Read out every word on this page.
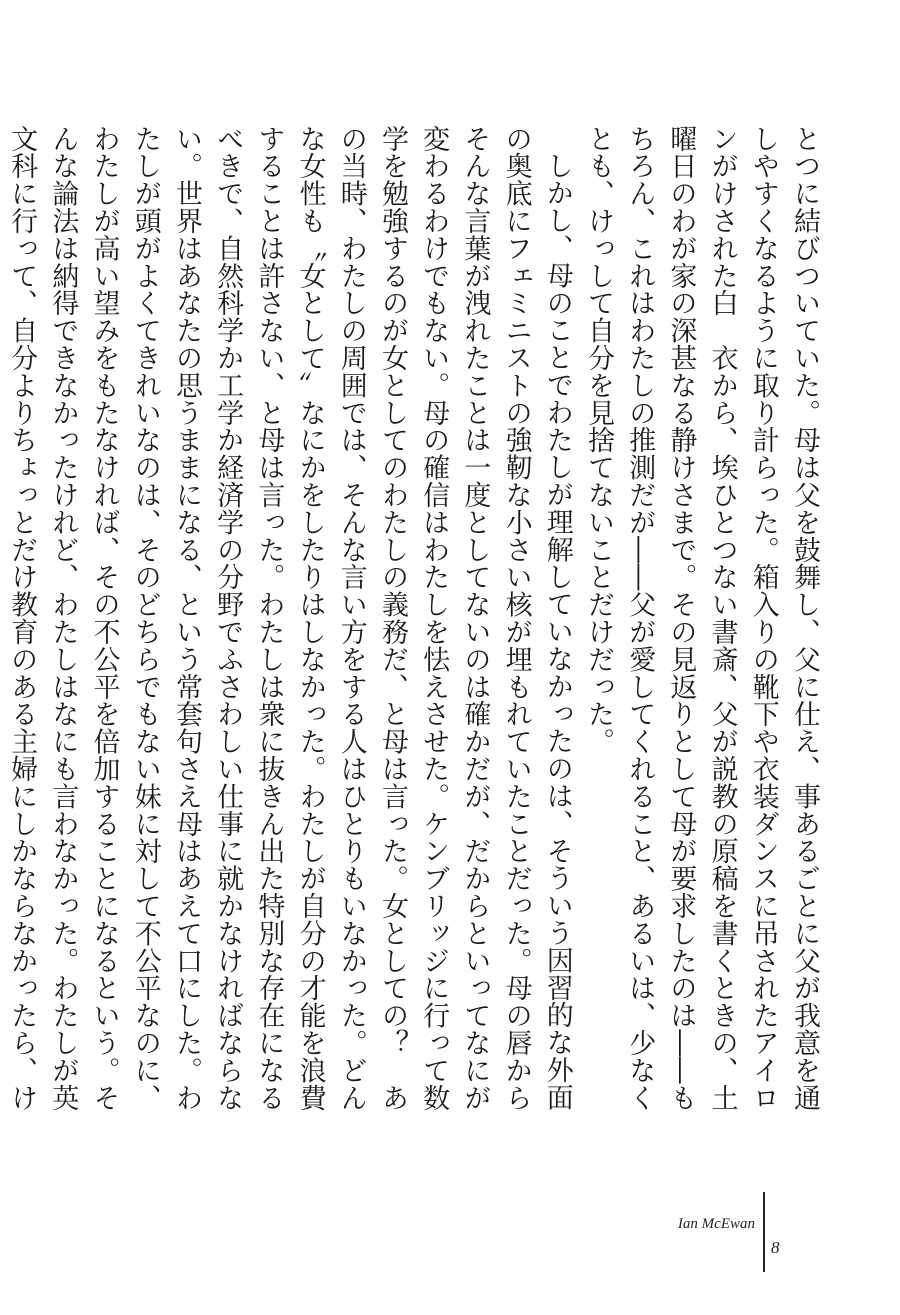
とつに結びついていた。母は父を鼓舞し、父に仕え、事あるごとに父が我意を通しやすくなるように取り計らった。箱入りの靴下や衣装ダンスに吊されたアイロンがけされた白　衣から、埃ひとつない書斎、父が説教の原稿を書くときの、土曜日のわが家の深甚なる静けさまで。その見返りとして母が要求したのは――もちろん、これはわたしの推測だが――父が愛してくれること、あるいは、少なくとも、けっして自分を見捨てないことだけだった。

しかし、母のことでわたしが理解していなかったのは、そういう因習的な外面の奥底にフェミニストの強靭な小さい核が埋もれていたことだった。母の唇からそんな言葉が洩れたことは一度としてないのは確かだが、だからといってなにが変わるわけでもない。母の確信はわたしを怯えさせた。ケンブリッジに行って数学を勉強するのが女としてのわたしの義務だ、と母は言った。女としての？　あの当時、わたしの周囲では、そんな言い方をする人はひとりもいなかった。どんな女性も〝女として〟なにかをしたりはしなかった。わたしが自分の才能を浪費することは許さない、と母は言った。わたしは衆に抜きん出た特別な存在になるべきで、自然科学か工学か経済学の分野でふさわしい仕事に就かなければならない。世界はあなたの思うままになる、という常套句さえ母はあえて口にした。わたしが頭がよくてきれいなのは、そのどちらでもない妹に対して不公平なのに、わたしが高い望みをもたなければ、その不公平を倍加することになるという。そんな論法は納得できなかったけれど、わたしはなにも言わなかった。わたしが英文科に行って、自分よりちょっとだけ教育のある主婦にしかならなかったら、け

Ian McEwan
8
